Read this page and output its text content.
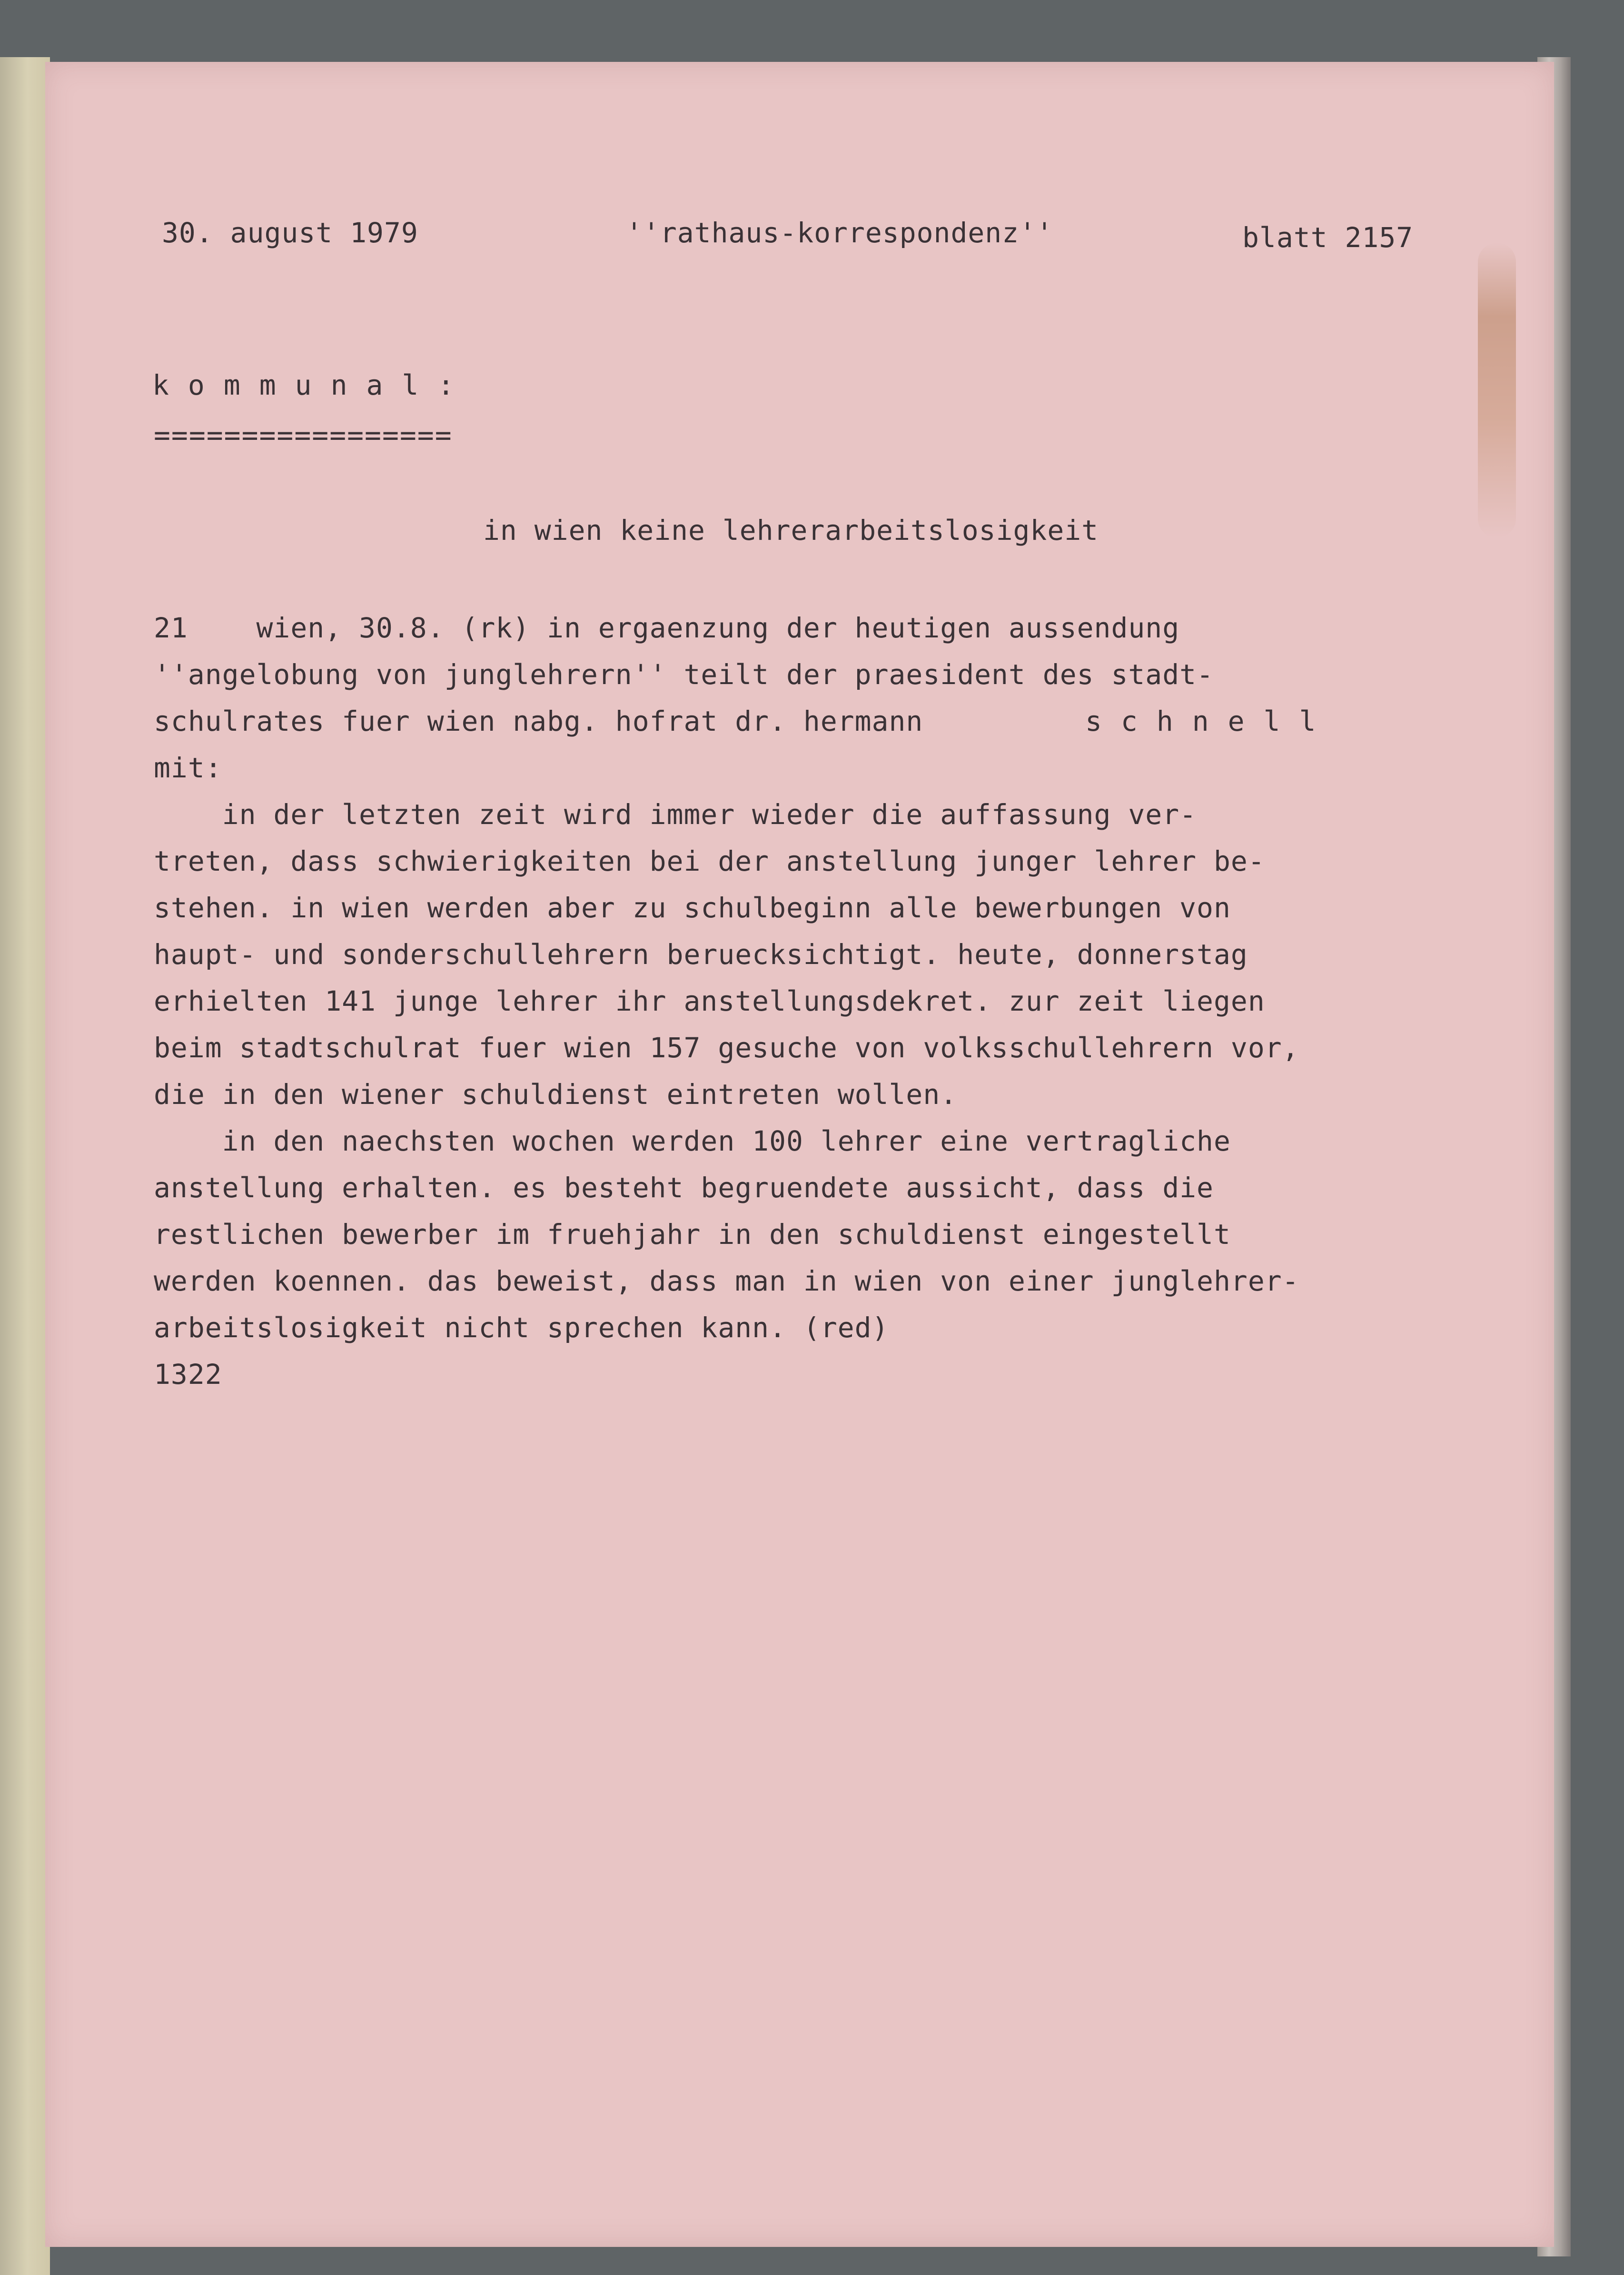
30. august 1979	''rathaus-korrespondenz''	blatt 2157
kommunal:
=================
in wien keine lehrerarbeitslosigkeit
21    wien, 30.8. (rk) in ergaenzung der heutigen aussendung
''angelobung von junglehrern'' teilt der praesident des stadt-
schulrates fuer wien nabg. hofrat dr. hermann	schnell
mit:
in der letzten zeit wird immer wieder die auffassung ver-
treten, dass schwierigkeiten bei der anstellung junger lehrer be-
stehen. in wien werden aber zu schulbeginn alle bewerbungen von
haupt- und sonderschullehrern beruecksichtigt. heute, donnerstag
erhielten 141 junge lehrer ihr anstellungsdekret. zur zeit liegen
beim stadtschulrat fuer wien 157 gesuche von volksschullehrern vor,
die in den wiener schuldienst eintreten wollen.
in den naechsten wochen werden 100 lehrer eine vertragliche
anstellung erhalten. es besteht begruendete aussicht, dass die
restlichen bewerber im fruehjahr in den schuldienst eingestellt
werden koennen. das beweist, dass man in wien von einer junglehrer-
arbeitslosigkeit nicht sprechen kann. (red)
1322
